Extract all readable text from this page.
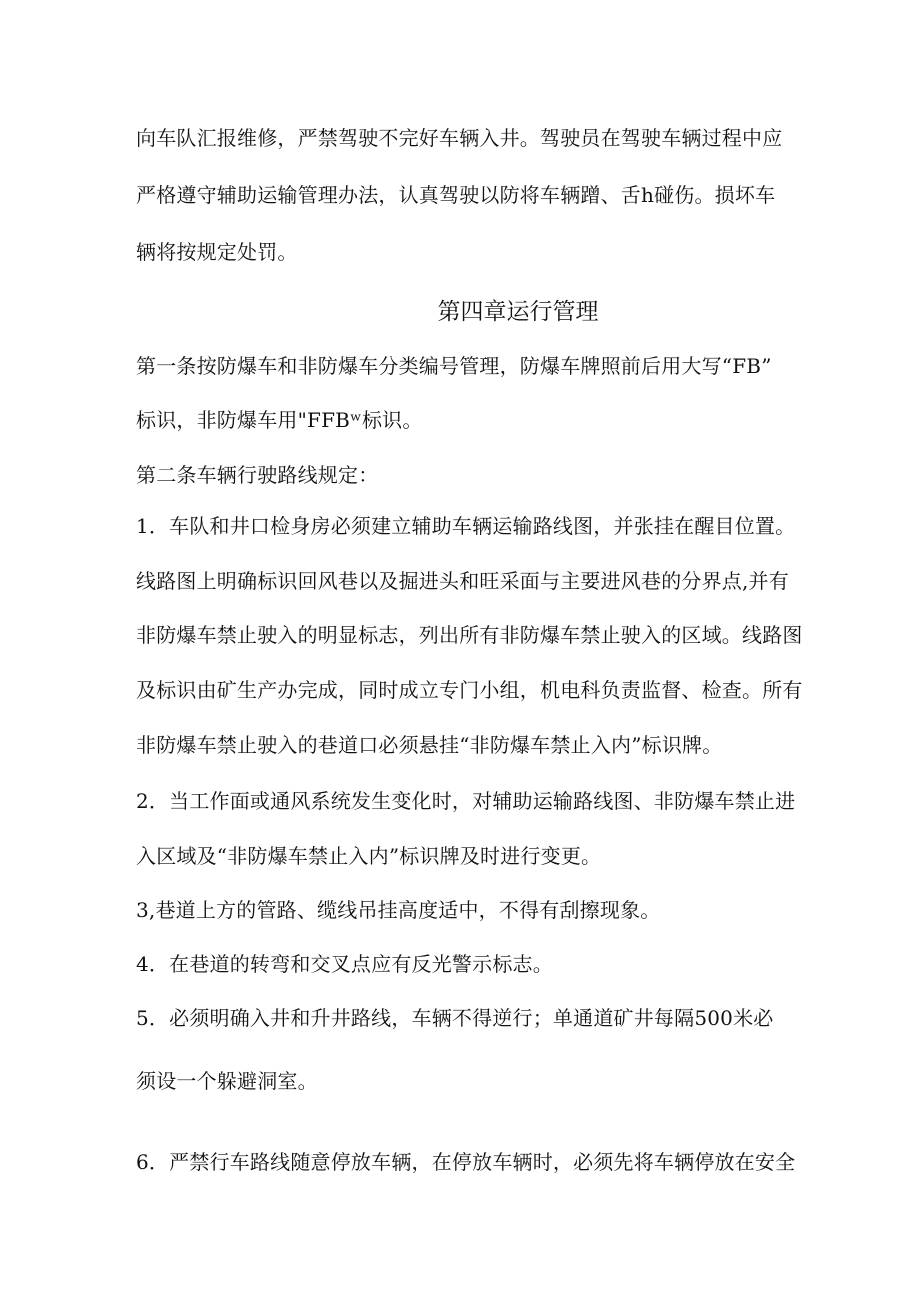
向车队汇报维修，严禁驾驶不完好车辆入井。驾驶员在驾驶车辆过程中应
严格遵守辅助运输管理办法，认真驾驶以防将车辆蹭、舌h碰伤。损坏车
辆将按规定处罚。
第四章运行管理
第一条按防爆车和非防爆车分类编号管理，防爆车牌照前后用大写“FB”
标识，非防爆车用"FFBʷ标识。
第二条车辆行驶路线规定：
1．车队和井口检身房必须建立辅助车辆运输路线图，并张挂在醒目位置。
线路图上明确标识回风巷以及掘进头和旺采面与主要进风巷的分界点,并有
非防爆车禁止驶入的明显标志，列出所有非防爆车禁止驶入的区域。线路图
及标识由矿生产办完成，同时成立专门小组，机电科负责监督、检查。所有
非防爆车禁止驶入的巷道口必须悬挂“非防爆车禁止入内”标识牌。
2．当工作面或通风系统发生变化时，对辅助运输路线图、非防爆车禁止进
入区域及“非防爆车禁止入内”标识牌及时进行变更。
3,巷道上方的管路、缆线吊挂高度适中，不得有刮擦现象。
4．在巷道的转弯和交叉点应有反光警示标志。
5．必须明确入井和升井路线，车辆不得逆行；单通道矿井每隔500米必
须设一个躲避洞室。
6．严禁行车路线随意停放车辆，在停放车辆时，必须先将车辆停放在安全
